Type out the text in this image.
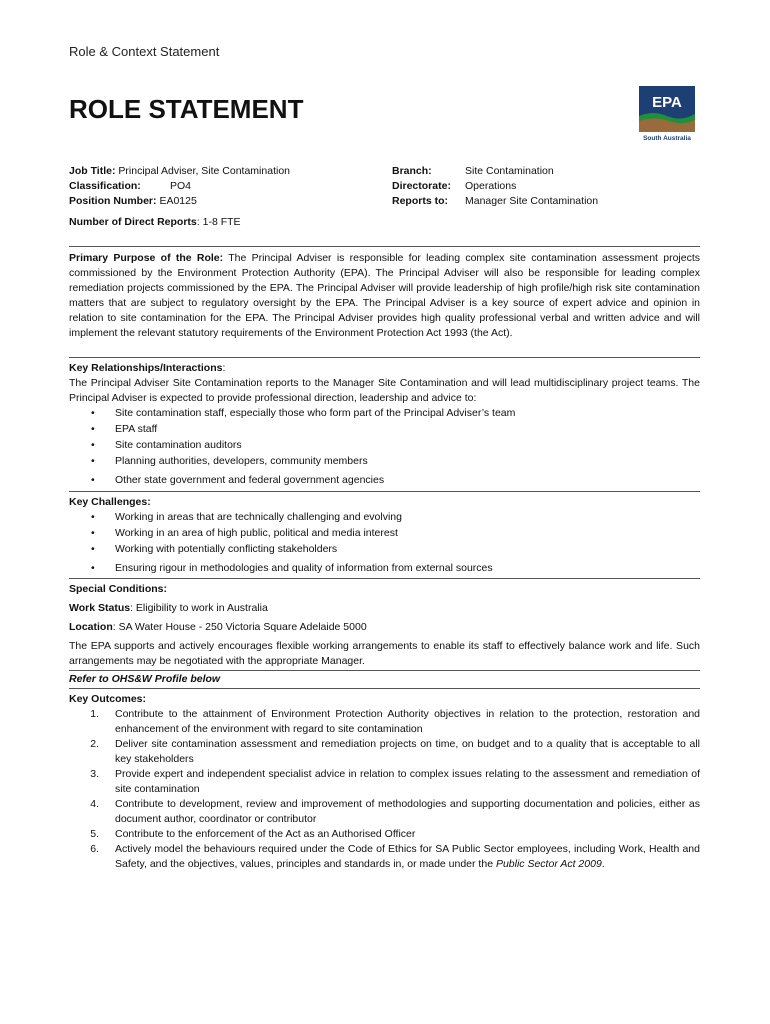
Role & Context Statement
ROLE STATEMENT	EPA
South Australia
Job Title: Principal Adviser, Site Contamination
Classification:	PO4
Position Number: EA0125
Number of Direct Reports: 1-8 FTE
Branch:	Site Contamination
Directorate: Operations
Reports to: Manager Site Contamination

Primary Purpose of the Role: The Principal Adviser is responsible for leading complex site contamination assessment projects commissioned by the Environment Protection Authority (EPA). The Principal Adviser will also be responsible for leading complex remediation projects commissioned by the EPA. The Principal Adviser will provide leadership of high profile/high risk site contamination matters that are subject to regulatory oversight by the EPA. The Principal Adviser is a key source of expert advice and opinion in relation to site contamination for the EPA. The Principal Adviser provides high quality professional verbal and written advice and will implement the relevant statutory requirements of the Environment Protection Act 1993 (the Act).

Key Relationships/Interactions:

The Principal Adviser Site Contamination reports to the Manager Site Contamination and will lead multidisciplinary project teams. The Principal Adviser is expected to provide professional direction, leadership and advice to:

• Site contamination staff, especially those who form part of the Principal Adviser’s team
• EPA staff
• Site contamination auditors
• Planning authorities, developers, community members
• Other state government and federal government agencies
Key Challenges:
• Working in areas that are technically challenging and evolving
• Working in an area of high public, political and media interest
• Working with potentially conflicting stakeholders
• Ensuring rigour in methodologies and quality of information from external sources
Special Conditions:
Work Status: Eligibility to work in Australia
Location: SA Water House - 250 Victoria Square Adelaide 5000

The EPA supports and actively encourages flexible working arrangements to enable its staff to effectively balance work and life. Such arrangements may be negotiated with the appropriate Manager.

Refer to OHS&W Profile below
Key Outcomes:
1. Contribute to the attainment of Environment Protection Authority objectives in relation to the protection, restoration and enhancement of the environment with regard to site contamination
2. Deliver site contamination assessment and remediation projects on time, on budget and to a quality that is acceptable to all key stakeholders
3. Provide expert and independent specialist advice in relation to complex issues relating to the assessment and remediation of site contamination
4. Contribute to development, review and improvement of methodologies and supporting documentation and policies, either as document author, coordinator or contributor
5. Contribute to the enforcement of the Act as an Authorised Officer
6. Actively model the behaviours required under the Code of Ethics for SA Public Sector employees, including Work, Health and Safety, and the objectives, values, principles and standards in, or made under the Public Sector Act 2009.
